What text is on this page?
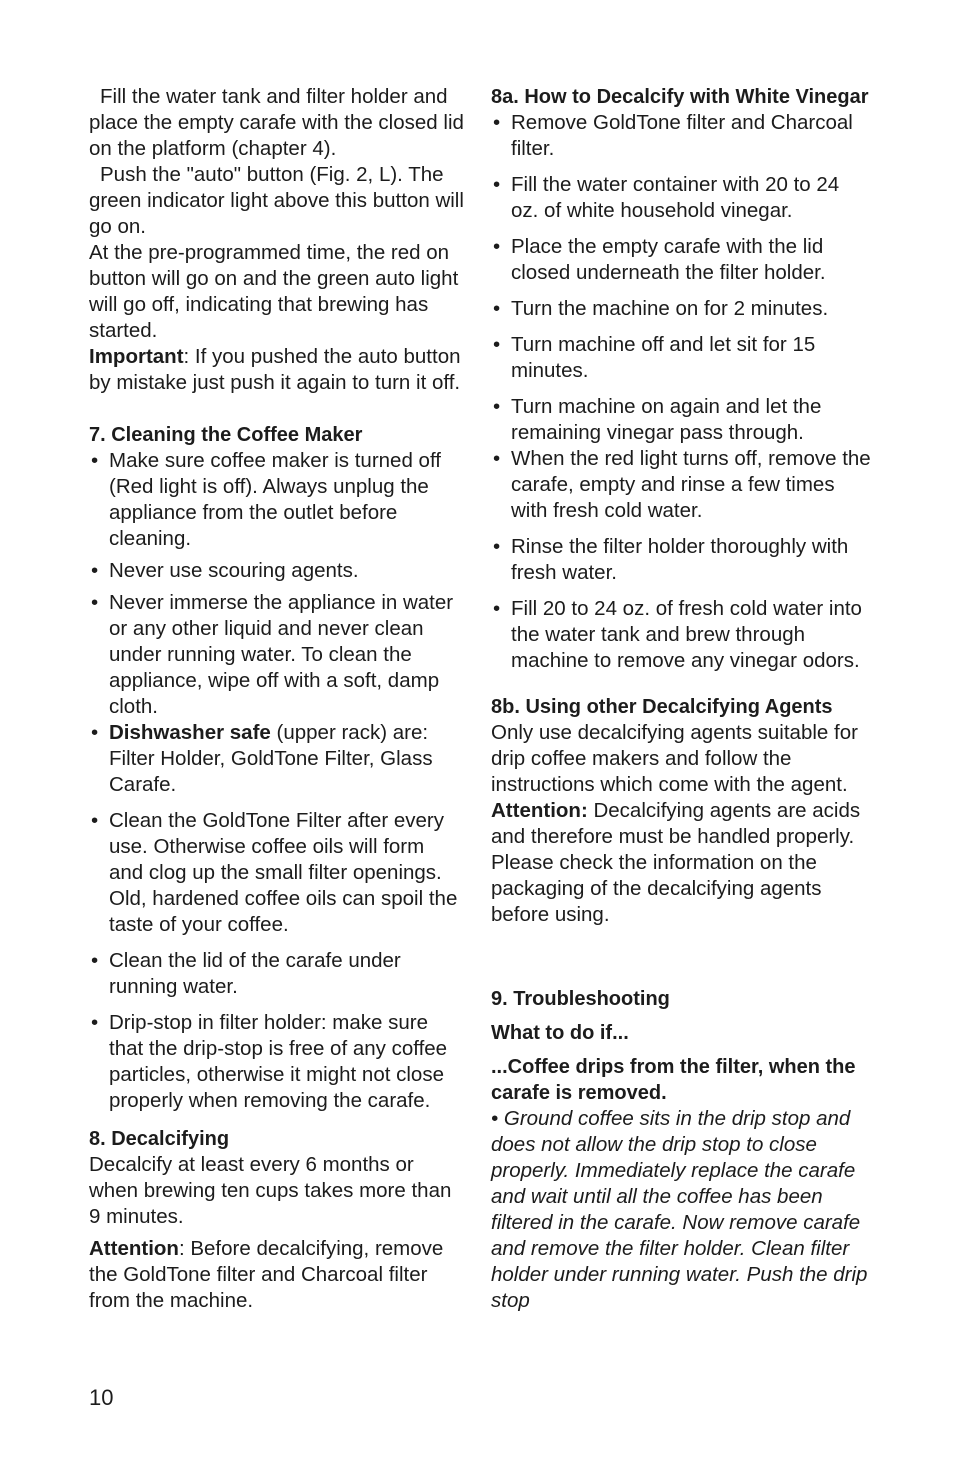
Fill the water tank and filter holder and place the empty carafe with the closed lid on the platform (chapter 4).

Push the "auto" button (Fig. 2, L). The green indicator light above this button will go on.

At the pre-programmed time, the red on button will go on and the green auto light will go off, indicating that brewing has started.

Important: If you pushed the auto button by mistake just push it again to turn it off.

7. Cleaning the Coffee Maker
• Make sure coffee maker is turned off (Red light is off). Always unplug the appliance from the outlet before cleaning.
• Never use scouring agents.
• Never immerse the appliance in water or any other liquid and never clean under running water. To clean the appliance, wipe off with a soft, damp cloth.
• Dishwasher safe (upper rack) are: Filter Holder, GoldTone Filter, Glass Carafe.
• Clean the GoldTone Filter after every use. Otherwise coffee oils will form and clog up the small filter openings. Old, hardened coffee oils can spoil the taste of your coffee.
• Clean the lid of the carafe under running water.
• Drip-stop in filter holder: make sure that the drip-stop is free of any coffee particles, otherwise it might not close properly when removing the carafe.
8. Decalcifying

Decalcify at least every 6 months or when brewing ten cups takes more than 9 minutes.

Attention: Before decalcifying, remove the GoldTone filter and Charcoal filter from the machine.

8a. How to Decalcify with White Vinegar
• Remove GoldTone filter and Charcoal filter.
• Fill the water container with 20 to 24 oz. of white household vinegar.
• Place the empty carafe with the lid closed underneath the filter holder.
• Turn the machine on for 2 minutes.
• Turn machine off and let sit for 15 minutes.
• Turn machine on again and let the remaining vinegar pass through.
• When the red light turns off, remove the carafe, empty and rinse a few times with fresh cold water.
• Rinse the filter holder thoroughly with fresh water.
• Fill 20 to 24 oz. of fresh cold water into the water tank and brew through machine to remove any vinegar odors.
8b. Using other Decalcifying Agents

Only use decalcifying agents suitable for drip coffee makers and follow the instructions which come with the agent.

Attention: Decalcifying agents are acids and therefore must be handled properly. Please check the information on the packaging of the decalcifying agents before using.

9. Troubleshooting
What to do if...
...Coffee drips from the filter, when the carafe is removed.

• Ground coffee sits in the drip stop and does not allow the drip stop to close properly. Immediately replace the carafe and wait until all the coffee has been filtered in the carafe. Now remove carafe and remove the filter holder. Clean filter holder under running water. Push the drip stop

10
